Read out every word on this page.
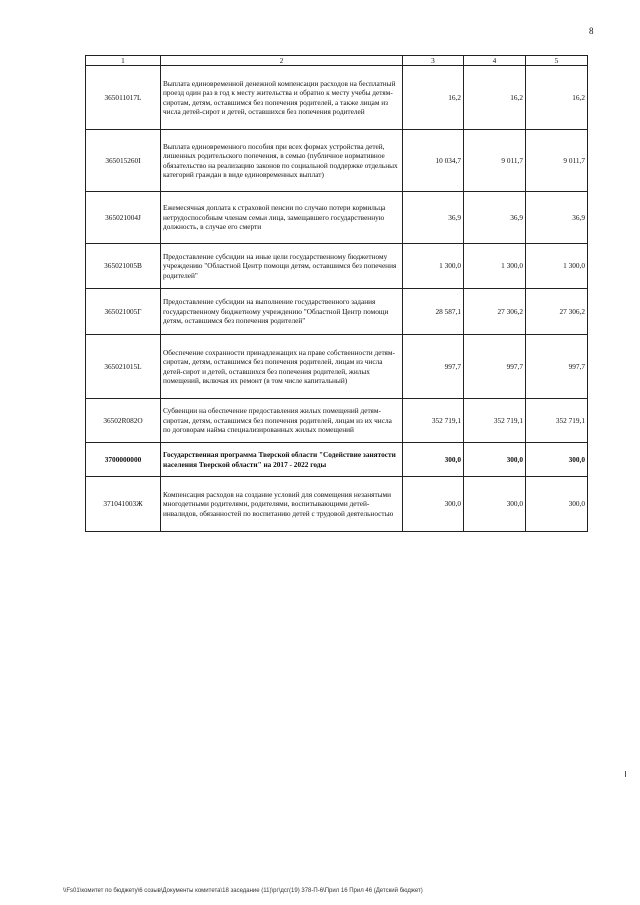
8
1	2	3	4	5
365011017L	Выплата единовременной денежной компенсации расходов на бесплатный проезд один раз в год к месту жительства и обратно к месту учебы детям-сиротам, детям, оставшимся без попечения родителей, а также лицам из числа детей-сирот и детей, оставшихся без попечения родителей	16,2	16,2	16,2
365015260I	Выплата единовременного пособия при всех формах устройства детей, лишенных родительского попечения, в семью (публичное нормативное обязательство на реализацию законов по социальной поддержке отдельных категорий граждан в виде единовременных выплат)	10 034,7	9 011,7	9 011,7
365021004J	Ежемесячная доплата к страховой пенсии по случаю потери кормильца нетрудоспособным членам семьи лица, замещавшего государственную должность, в случае его смерти	36,9	36,9	36,9
365021005В	Предоставление субсидии на иные цели государственному бюджетному учреждению "Областной Центр помощи детям, оставшимся без попечения родителей"	1 300,0	1 300,0	1 300,0
365021005Г	Предоставление субсидии на выполнение государственного задания государственному бюджетному учреждению "Областной Центр помощи детям, оставшимся без попечения родителей"	28 587,1	27 306,2	27 306,2
365021015L	Обеспечение сохранности принадлежащих на праве собственности детям-сиротам, детям, оставшимся без попечения родителей, лицам из числа детей-сирот и детей, оставшихся без попечения родителей, жилых помещений, включая их ремонт (в том числе капитальный)	997,7	997,7	997,7
36502R082O	Субвенции на обеспечение предоставления жилых помещений детям-сиротам, детям, оставшимся без попечения родителей, лицам из их числа по договорам найма специализированных жилых помещений	352 719,1	352 719,1	352 719,1
3700000000	Государственная программа Тверской области "Содействие занятости населения Тверской области" на 2017 - 2022 годы	300,0	300,0	300,0
371041003Ж	Компенсация расходов на создание условий для совмещения незанятыми многодетными родителями, родителями, воспитывающими детей-инвалидов, обязанностей по воспитанию детей с трудовой деятельностью	300,0	300,0	300,0
\\Fs01\комитет по бюджету\6 созыв\Документы комитета\18 заседание (11)\рг\дсг(19) 378-П-6\Прил 16 Прил 46 (Детский бюджет)
